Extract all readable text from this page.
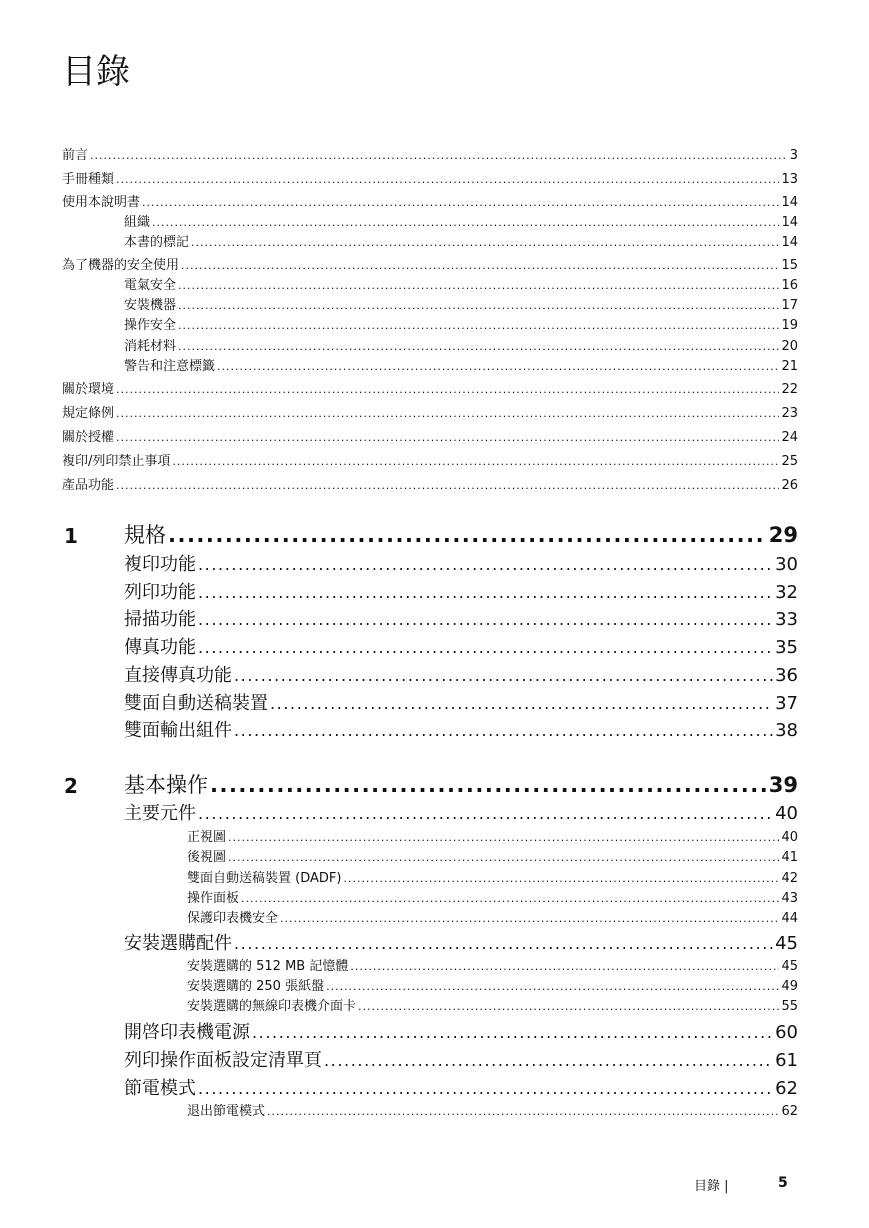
目錄
前言 .....	3
手冊種類 .....	13
使用本說明書 .....	14
組織 .....	14
本書的標記 .....	14
為了機器的安全使用 .....	15
電氣安全 .....	16
安裝機器 .....	17
操作安全 .....	19
消耗材料 .....	20
警告和注意標籤 .....	21
關於環境 .....	22
規定條例 .....	23
關於授權 .....	24
複印/列印禁止事項 .....	25
產品功能 .....	26
1 規格 .....	29
複印功能 .....	30
列印功能 .....	32
掃描功能 .....	33
傳真功能 .....	35
直接傳真功能 .....	36
雙面自動送稿裝置 .....	37
雙面輸出組件 .....	38
2 基本操作 .....	39
主要元件 .....	40
正視圖 .....	40
後視圖 .....	41
雙面自動送稿裝置 (DADF) .....	42
操作面板 .....	43
保護印表機安全 .....	44
安裝選購配件 .....	45
安裝選購的 512 MB 記憶體 .....	45
安裝選購的 250 張紙盤 .....	49
安裝選購的無線印表機介面卡 .....	55
開啓印表機電源 .....	60
列印操作面板設定清單頁 .....	61
節電模式 .....	62
退出節電模式 .....	62
目錄 |	5
